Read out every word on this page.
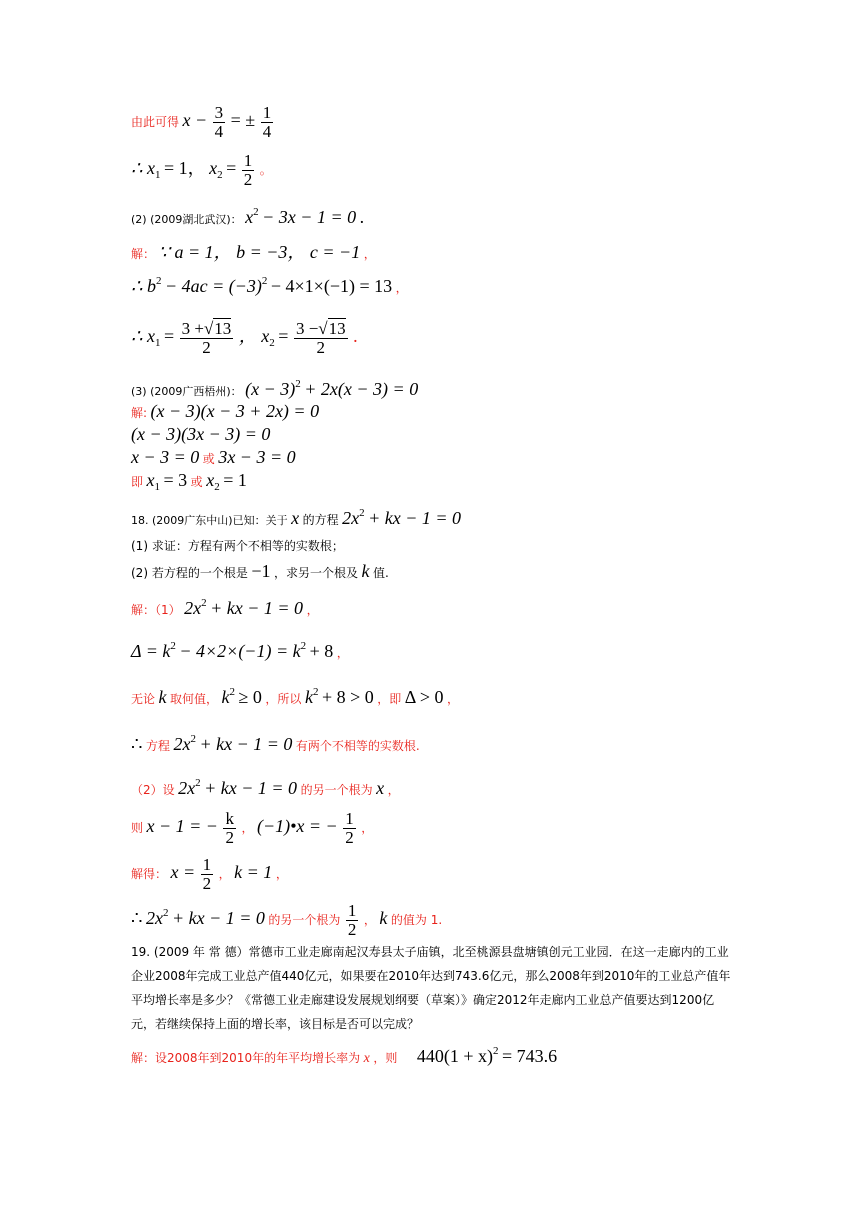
由此可得 $x - \frac{3}{4}$ = ± $\frac{1}{4}$
∴ $x_1 = 1$， $x_2 = \frac{1}{2}$ 。
(2) (2009湖北武汉)： $x^2 - 3x - 1 = 0$ .
解： ∵ a = 1， b = −3， c = −1 ，
∴ $b^2 - 4ac = (-3)^2 - 4\times 1\times(-1) = 13$ ，
∴ $x_1 = \frac{3 +√13}{2}$ ， $x_2 = \frac{3 -√13}{2}$ .
(3) (2009广西梧州)： $(x - 3)^2 + 2x(x - 3) = 0$
解: (x − 3)(x − 3 + 2x) = 0
(x − 3)(3x − 3) = 0
x − 3 = 0 或 3x − 3 = 0
即 $x_1 = 3$ 或 $x_2 = 1$
18. (2009广东中山)已知：关于 x 的方程 $2x^2$ + kx − 1 = 0
(1) 求证：方程有两个不相等的实数根；
(2) 若方程的一个根是 −1 ，求另一个根及 k 值.
解：（1） $2x^2$ + kx − 1 = 0 ，
$\Delta = k^2 - 4\times 2\times(-1) = k^2 + 8$ ，
无论 k 取何值， $k^2 \ge 0$ ，所以 $k^2 + 8 > 0$ ，即 Δ > 0 ，
∴ 方程 $2x^2$ + kx − 1 = 0 有两个不相等的实数根.
（2）设 $2x^2$ + kx − 1 = 0 的另一个根为 x ，
则 x − 1 = − $\frac{k}{2}$ ， (−1)•x = − $\frac{1}{2}$ ，
解得： $x = \frac{1}{2}$ ， k = 1 ，
∴ $2x^2$ + kx − 1 = 0 的另一个根为 $\frac{1}{2}$ ， k 的值为 1.
19. (2009 年 常 德）常德市工业走廊南起汉寿县太子庙镇，北至桃源县盘塘镇创元工业园．在这一走廊内的工业企业2008年完成工业总产值440亿元，如果要在2010年达到743.6亿元，那么2008年到2010年的工业总产值年平均增长率是多少？《常德工业走廊建设发展规划纲要（草案）》确定2012年走廊内工业总产值要达到1200亿元，若继续保持上面的增长率，该目标是否可以完成？
解：设2008年到2010年的年平均增长率为 x ，则 $440(1 + x)^2 = 743.6$
